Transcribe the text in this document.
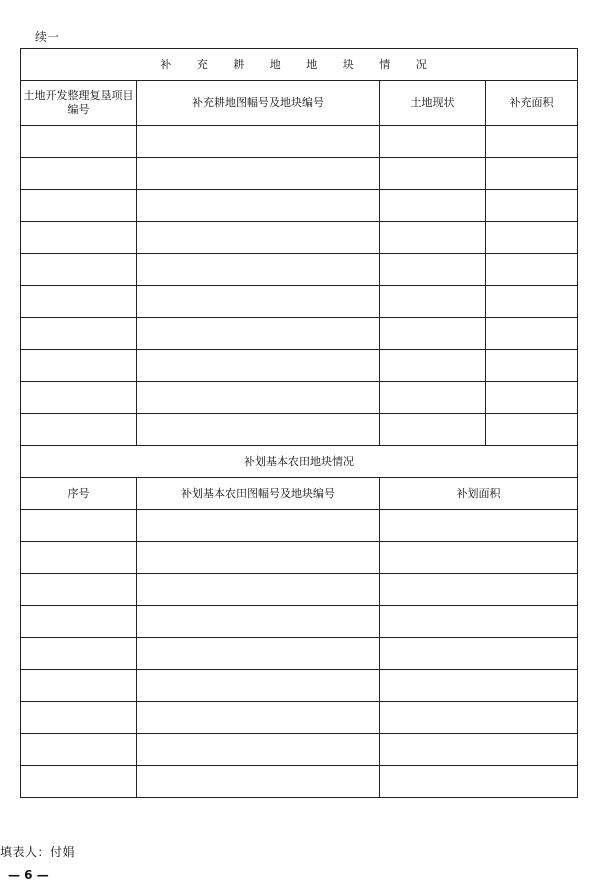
续一
补 充 耕 地 地 块 情 况			
土地开发整理复垦项目编号	补充耕地图幅号及地块编号	土地现状	补充面积

补划基本农田地块情况			
序号	补划基本农田图幅号及地块编号	补划面积	

填表人：付娟
— 6 —
